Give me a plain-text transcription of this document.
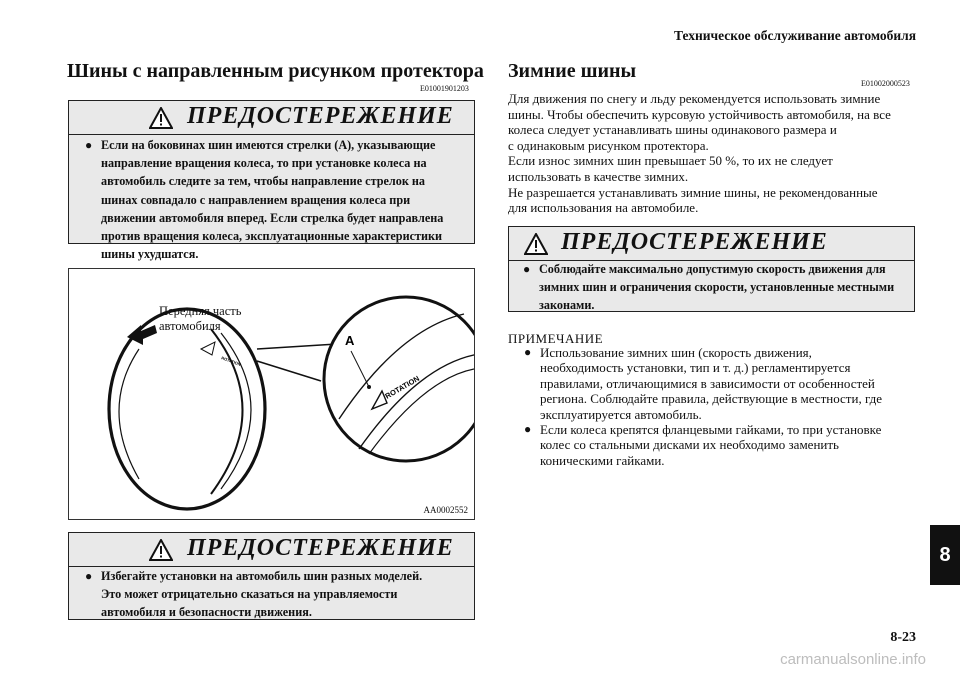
Техническое обслуживание автомобиля
Шины с направленным рисунком протектора
E01001901203
ПРЕДОСТЕРЕЖЕНИЕ
● Если на боковинах шин имеются стрелки (A), указывающие
направление вращения колеса, то при установке колеса на
автомобиль следите за тем, чтобы направление стрелок на
шинах совпадало с направлением вращения колеса при
движении автомобиля вперед. Если стрелка будет направлена
против вращения колеса, эксплуатационные характеристики
шины ухудшатся.
ROTATION
A
ROTATION
Передняя часть
автомобиля
AA0002552
ПРЕДОСТЕРЕЖЕНИЕ
● Избегайте установки на автомобиль шин разных моделей.
Это может отрицательно сказаться на управляемости
автомобиля и безопасности движения.
Зимние шины
E01002000523
Для движения по снегу и льду рекомендуется использовать зимние
шины. Чтобы обеспечить курсовую устойчивость автомобиля, на все
колеса следует устанавливать шины одинакового размера и
с одинаковым рисунком протектора.
Если износ зимних шин превышает 50 %, то их не следует
использовать в качестве зимних.
Не разрешается устанавливать зимние шины, не рекомендованные
для использования на автомобиле.
ПРЕДОСТЕРЕЖЕНИЕ
● Соблюдайте максимально допустимую скорость движения для
зимних шин и ограничения скорости, установленные местными
законами.
ПРИМЕЧАНИЕ
● Использование зимних шин (скорость движения,
необходимость установки, тип и т. д.) регламентируется
правилами, отличающимися в зависимости от особенностей
региона. Соблюдайте правила, действующие в местности, где
эксплуатируется автомобиль.
● Если колеса крепятся фланцевыми гайками, то при установке
колес со стальными дисками их необходимо заменить
коническими гайками.
8
8-23
carmanualsonline.info
